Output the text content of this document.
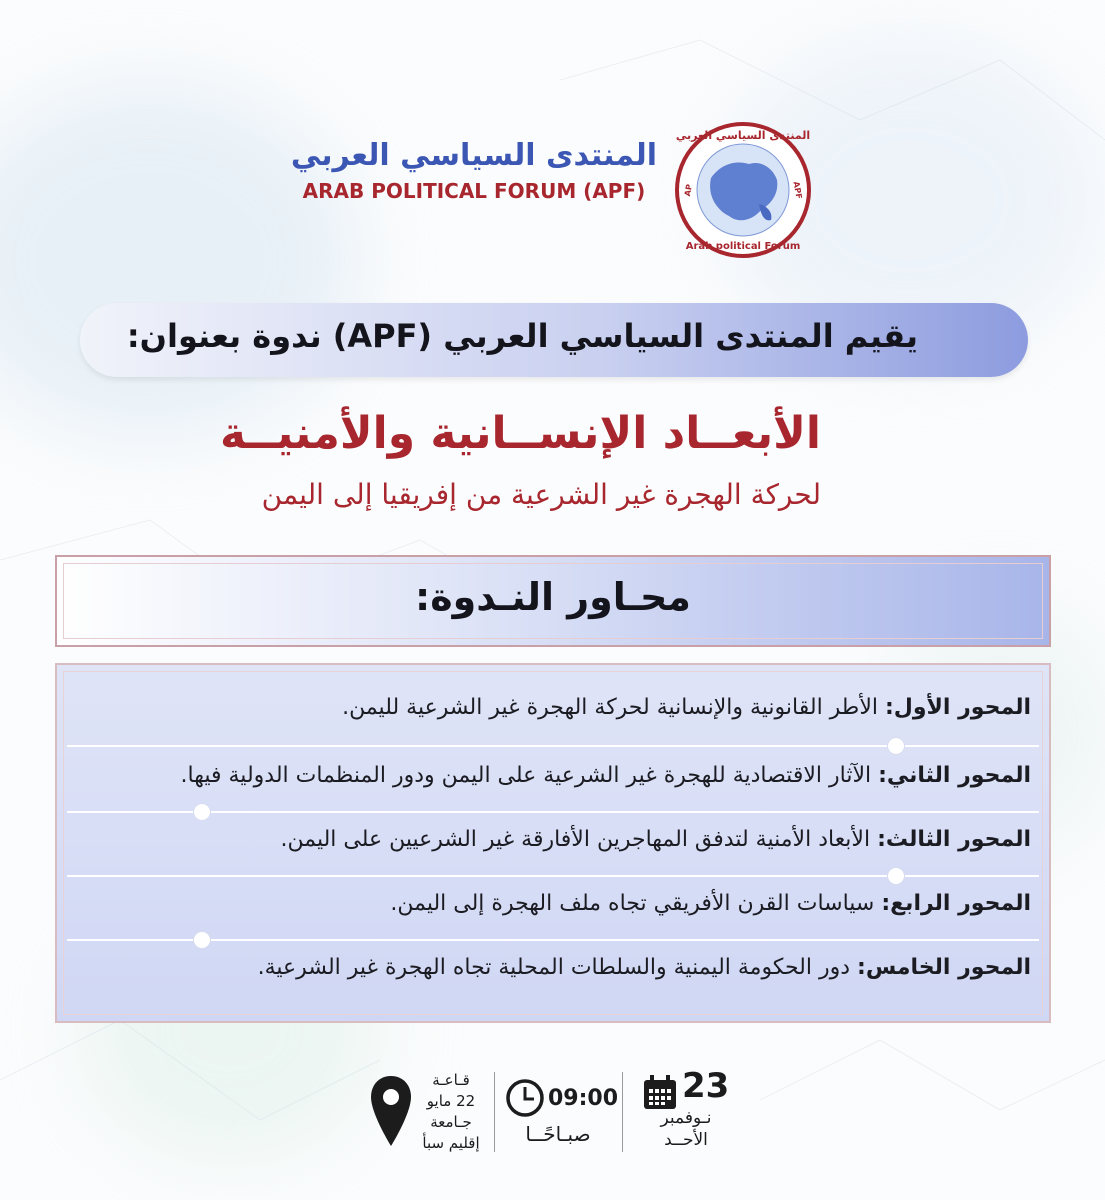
المنتدى السياسي العربي
Arab political Forum
AP	APF
المنتدى السياسي العربي
ARAB POLITICAL FORUM (APF)
يقيم المنتدى السياسي العربي (APF) ندوة بعنوان:
الأبعــاد الإنســانية والأمنيــة
لحركة الهجرة غير الشرعية من إفريقيا إلى اليمن
محـاور النـدوة:

المحور الأول: الأطر القانونية والإنسانية لحركة الهجرة غير الشرعية لليمن.

المحور الثاني: الآثار الاقتصادية للهجرة غير الشرعية على اليمن ودور المنظمات الدولية فيها.

المحور الثالث: الأبعاد الأمنية لتدفق المهاجرين الأفارقة غير الشرعيين على اليمن.

المحور الرابع: سياسات القرن الأفريقي تجاه ملف الهجرة إلى اليمن.

المحور الخامس: دور الحكومة اليمنية والسلطات المحلية تجاه الهجرة غير الشرعية.

قـاعـة
22 مايو
جـامعة
إقليم سبأ
09:00
صبـاحًــا
23
نـوفمبر
الأحــد
